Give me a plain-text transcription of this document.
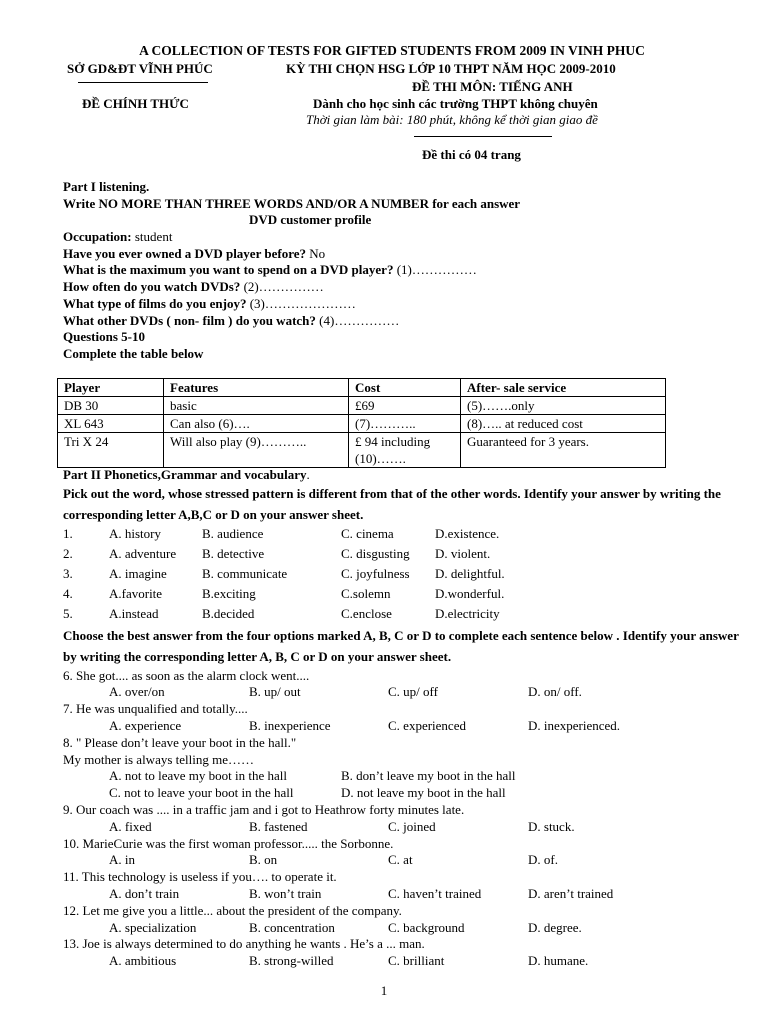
A COLLECTION OF TESTS FOR GIFTED STUDENTS FROM 2009 IN VINH PHUC
SỞ GD&ĐT VĨNH PHÚC	KỲ THI CHỌN HSG LỚP 10 THPT NĂM HỌC 2009-2010
ĐỀ THI MÔN: TIẾNG ANH
ĐỀ CHÍNH THỨC	Dành cho học sinh các trường THPT không chuyên
Thời gian làm bài: 180 phút, không kể thời gian giao đề
Đề thi có 04 trang
Part I listening.
Write NO MORE THAN THREE WORDS AND/OR A NUMBER for each answer
DVD customer profile
Occupation: student
Have you ever owned a DVD player before? No
What is the maximum you want to spend on a DVD player? (1)……………
How often do you watch DVDs? (2)……………
What type of films do you enjoy? (3)…………………
What other DVDs ( non- film ) do you watch? (4)……………
Questions 5-10
Complete the table below
Player	Features	Cost	After- sale service
DB 30	basic	£69	(5)…….only
XL 643	Can also (6)….	(7)………..	(8)….. at reduced cost
Tri X 24	Will also play (9)………..	£ 94 including (10)…….	Guaranteed for 3 years.
Part II Phonetics,Grammar and vocabulary.
Pick out the word, whose stressed pattern is different from that of the other words. Identify your answer by writing the corresponding letter A,B,C or D on your answer sheet.
1.	A. history	B. audience	C. cinema	D.existence.
2.	A. adventure B. detective	C. disgusting D. violent.
3.	A. imagine	B. communicate	C. joyfulness D. delightful.
4.	A.favorite	B.exciting	C.solemn	D.wonderful.
5.	A.instead	B.decided	C.enclose	D.electricity
Choose the best answer from the four options marked A, B, C or D to complete each sentence below . Identify your answer by writing the corresponding letter A, B, C or D on your answer sheet.
6. She got.... as soon as the alarm clock went....
A. over/on	B. up/ out	C. up/ off	D. on/ off.
7. He was unqualified and totally....
A. experience	B. inexperience	C. experienced	D. inexperienced.
8. " Please don’t leave your boot in the hall."
My mother is always telling me……
A. not to leave my boot in the hall	B. don’t leave my boot in the hall
C. not to leave your boot in the hall	D. not leave my boot in the hall
9. Our coach was .... in a traffic jam and i got to Heathrow forty minutes late.
A. fixed	B. fastened	C. joined	D. stuck.
10. MarieCurie was the first woman professor..... the Sorbonne.
A. in	B. on	C. at	D. of.
11. This technology is useless if you…. to operate it.
A. don’t train	B. won’t train	C. haven’t trained	D. aren’t trained
12. Let me give you a little... about the president of the company.
A. specialization	B. concentration	C. background	D. degree.
13. Joe is always determined to do anything he wants . He’s a ... man.
A. ambitious	B. strong-willed	C. brilliant	D. humane.
1
